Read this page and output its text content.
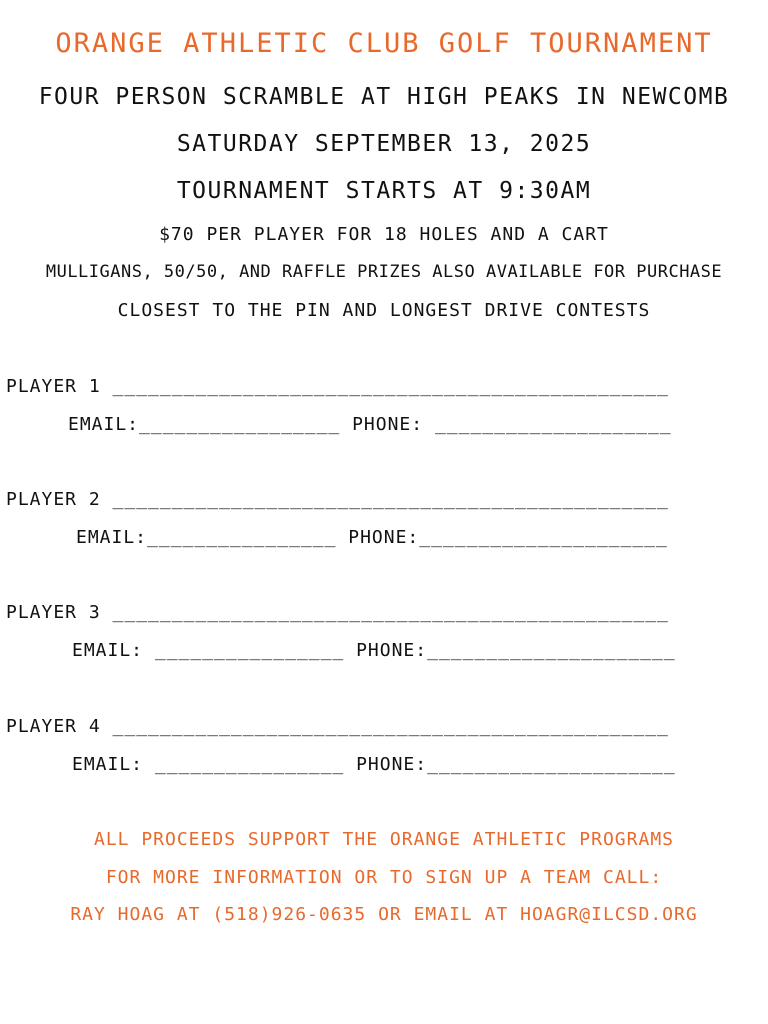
ORANGE ATHLETIC CLUB GOLF TOURNAMENT
FOUR PERSON SCRAMBLE AT HIGH PEAKS IN NEWCOMB
SATURDAY SEPTEMBER 13, 2025
TOURNAMENT STARTS AT 9:30AM
$70 PER PLAYER FOR 18 HOLES AND A CART
MULLIGANS, 50/50, AND RAFFLE PRIZES ALSO AVAILABLE FOR PURCHASE
CLOSEST TO THE PIN AND LONGEST DRIVE CONTESTS
PLAYER 1 _______________________________________________
EMAIL:_________________ PHONE: ____________________
PLAYER 2 _______________________________________________
EMAIL:________________ PHONE:_____________________
PLAYER 3 _______________________________________________
EMAIL: ________________ PHONE:_____________________
PLAYER 4 _______________________________________________
EMAIL: ________________ PHONE:_____________________
ALL PROCEEDS SUPPORT THE ORANGE ATHLETIC PROGRAMS
FOR MORE INFORMATION OR TO SIGN UP A TEAM CALL:
RAY HOAG AT (518)926-0635 OR EMAIL AT HOAGR@ILCSD.ORG
